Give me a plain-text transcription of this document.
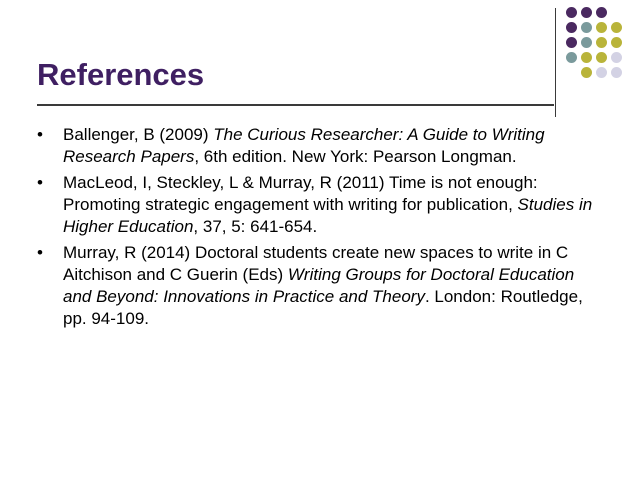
References
• Ballenger, B (2009) The Curious Researcher: A Guide to Writing Research Papers, 6th edition. New York: Pearson Longman.
• MacLeod, I, Steckley, L & Murray, R (2011) Time is not enough: Promoting strategic engagement with writing for publication, Studies in Higher Education, 37, 5: 641-654.
• Murray, R (2014) Doctoral students create new spaces to write in C Aitchison and C Guerin (Eds) Writing Groups for Doctoral Education and Beyond: Innovations in Practice and Theory. London: Routledge, pp. 94-109.
